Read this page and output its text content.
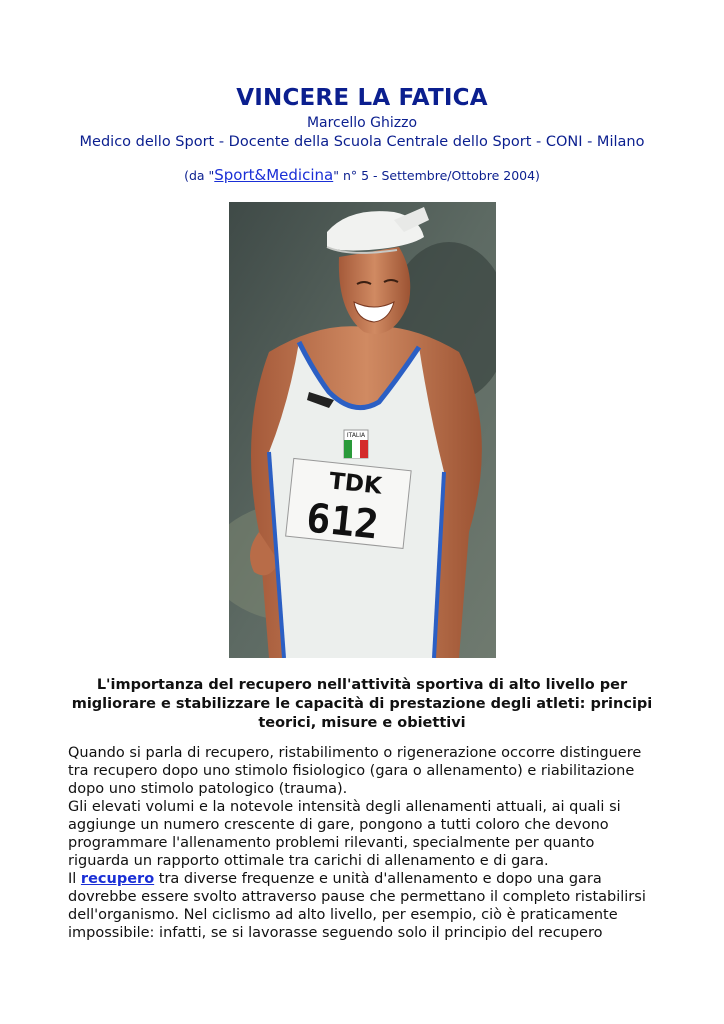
VINCERE LA FATICA
Marcello Ghizzo
Medico dello Sport - Docente della Scuola Centrale dello Sport - CONI - Milano
(da "Sport&Medicina" n° 5 - Settembre/Ottobre 2004)
ITALIA
TDK
612
L'importanza del recupero nell'attività sportiva di alto livello per
migliorare e stabilizzare le capacità di prestazione degli atleti: principi
teorici, misure e obiettivi

Quando si parla di recupero, ristabilimento o rigenerazione occorre distinguere

tra recupero dopo uno stimolo fisiologico (gara o allenamento) e riabilitazione

dopo uno stimolo patologico (trauma).

Gli elevati volumi e la notevole intensità degli allenamenti attuali, ai quali si

aggiunge un numero crescente di gare, pongono a tutti coloro che devono

programmare l'allenamento problemi rilevanti, specialmente per quanto

riguarda un rapporto ottimale tra carichi di allenamento e di gara.

Il recupero tra diverse frequenze e unità d'allenamento e dopo una gara

dovrebbe essere svolto attraverso pause che permettano il completo ristabilirsi

dell'organismo. Nel ciclismo ad alto livello, per esempio, ciò è praticamente

impossibile: infatti, se si lavorasse seguendo solo il principio del recupero
